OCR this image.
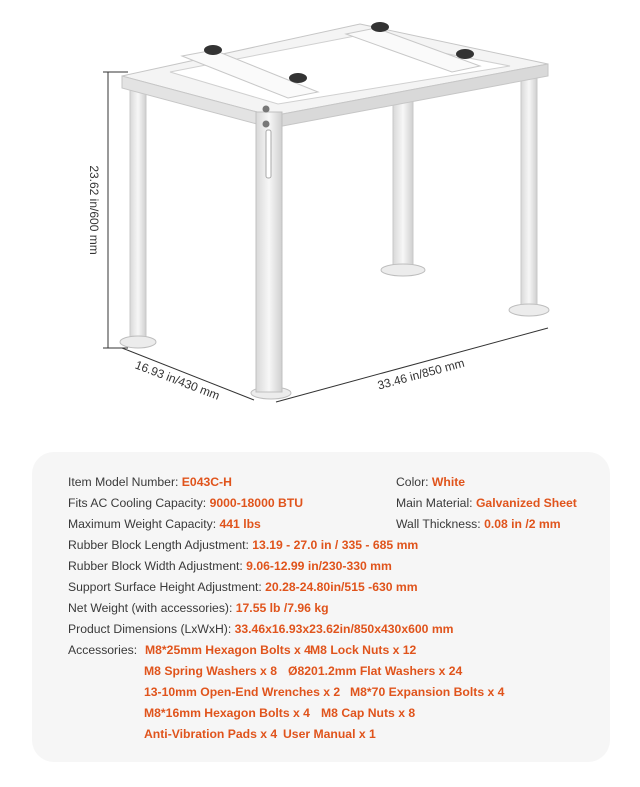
23.62 in/600 mm
16.93 in/430 mm	33.46 in/850 mm
Item Model Number: E043C-H	Color: White
Fits AC Cooling Capacity: 9000-18000 BTU	Main Material: Galvanized Sheet
Maximum Weight Capacity: 441 lbs	Wall Thickness: 0.08 in /2 mm
Rubber Block Length Adjustment: 13.19 - 27.0 in / 335 - 685 mm
Rubber Block Width Adjustment: 9.06-12.99 in/230-330 mm
Support Surface Height Adjustment: 20.28-24.80in/515 -630 mm
Net Weight (with accessories): 17.55 lb /7.96 kg
Product Dimensions (LxWxH): 33.46x16.93x23.62in/850x430x600 mm
Accessories: M8*25mm Hexagon Bolts x 4 M8 Lock Nuts x 12
M8 Spring Washers x 8 Ø8201.2mm Flat Washers x 24
13-10mm Open-End Wrenches x 2 M8*70 Expansion Bolts x 4
M8*16mm Hexagon Bolts x 4 M8 Cap Nuts x 8
Anti-Vibration Pads x 4 User Manual x 1
